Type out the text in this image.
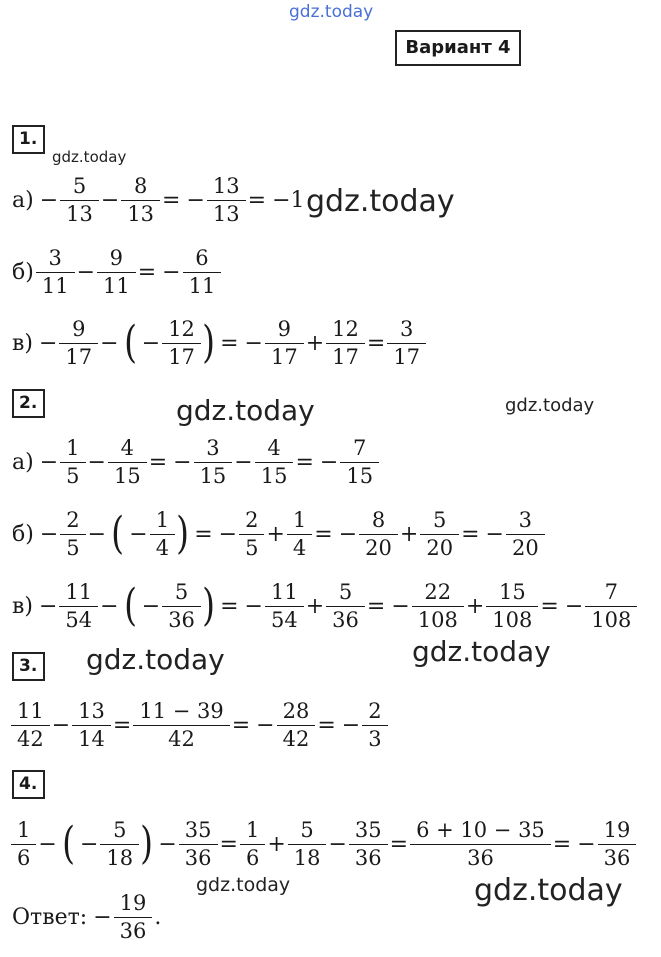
gdz.today
gdz.today
gdz.today
gdz.today	gdz.today
gdz.today	gdz.today
gdz.today	gdz.today
Вариант 4
1.
2.
3.
4.
$а) - \frac{5}{13} - \frac{8}{13}$ = − $\frac{13}{13} = -1$
$б) \frac{3}{11} - \frac{9}{11}$ = − $\frac{6}{11}$
$в) - \frac{9}{17}$ − ( − $\frac{12}{17}$ ) = − $\frac{9}{17} + \frac{12}{17} = \frac{3}{17}$
$а) - \frac{1}{5} - \frac{4}{15}$ = − $\frac{3}{15} - \frac{4}{15}$ = − $\frac{7}{15}$
$б) - \frac{2}{5}$ − ( − $\frac{1}{4}$ ) = − $\frac{2}{5} + \frac{1}{4}$ = − $\frac{8}{20} + \frac{5}{20}$ = − $\frac{3}{20}$
$в) - \frac{11}{54}$ − ( − $\frac{5}{36}$ ) = − $\frac{11}{54} + \frac{5}{36}$ = − $\frac{22}{108} + \frac{15}{108}$ = − $\frac{7}{108}$
$\frac{11}{42} - \frac{13}{14} = \frac{11 - 39}{42}$ = − $\frac{28}{42}$ = − $\frac{2}{3}$
$\frac{1}{6}$ − ( − $\frac{5}{18}$ ) − $\frac{35}{36} = \frac{1}{6} + \frac{5}{18} - \frac{35}{36} = \frac{6 + 10 - 35}{36}$ = − $\frac{19}{36}$
Ответ: − $\frac{19}{36}$ .
